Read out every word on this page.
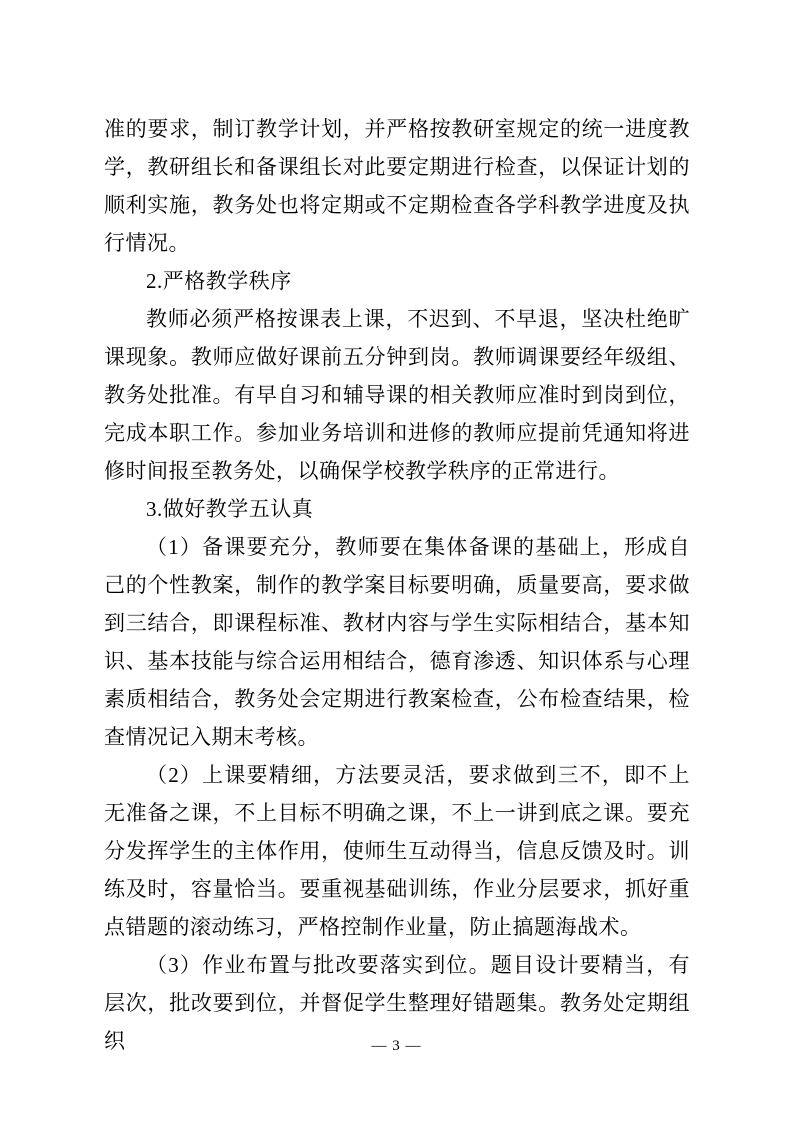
准的要求，制订教学计划，并严格按教研室规定的统一进度教学，教研组长和备课组长对此要定期进行检查，以保证计划的顺利实施，教务处也将定期或不定期检查各学科教学进度及执行情况。

2.严格教学秩序

教师必须严格按课表上课，不迟到、不早退，坚决杜绝旷课现象。教师应做好课前五分钟到岗。教师调课要经年级组、教务处批准。有早自习和辅导课的相关教师应准时到岗到位，完成本职工作。参加业务培训和进修的教师应提前凭通知将进修时间报至教务处，以确保学校教学秩序的正常进行。

3.做好教学五认真

（1）备课要充分，教师要在集体备课的基础上，形成自己的个性教案，制作的教学案目标要明确，质量要高，要求做到三结合，即课程标准、教材内容与学生实际相结合，基本知识、基本技能与综合运用相结合，德育渗透、知识体系与心理素质相结合，教务处会定期进行教案检查，公布检查结果，检查情况记入期末考核。

（2）上课要精细，方法要灵活，要求做到三不，即不上无准备之课，不上目标不明确之课，不上一讲到底之课。要充分发挥学生的主体作用，使师生互动得当，信息反馈及时。训练及时，容量恰当。要重视基础训练，作业分层要求，抓好重点错题的滚动练习，严格控制作业量，防止搞题海战术。

（3）作业布置与批改要落实到位。题目设计要精当，有层次，批改要到位，并督促学生整理好错题集。教务处定期组织	— 3 —
